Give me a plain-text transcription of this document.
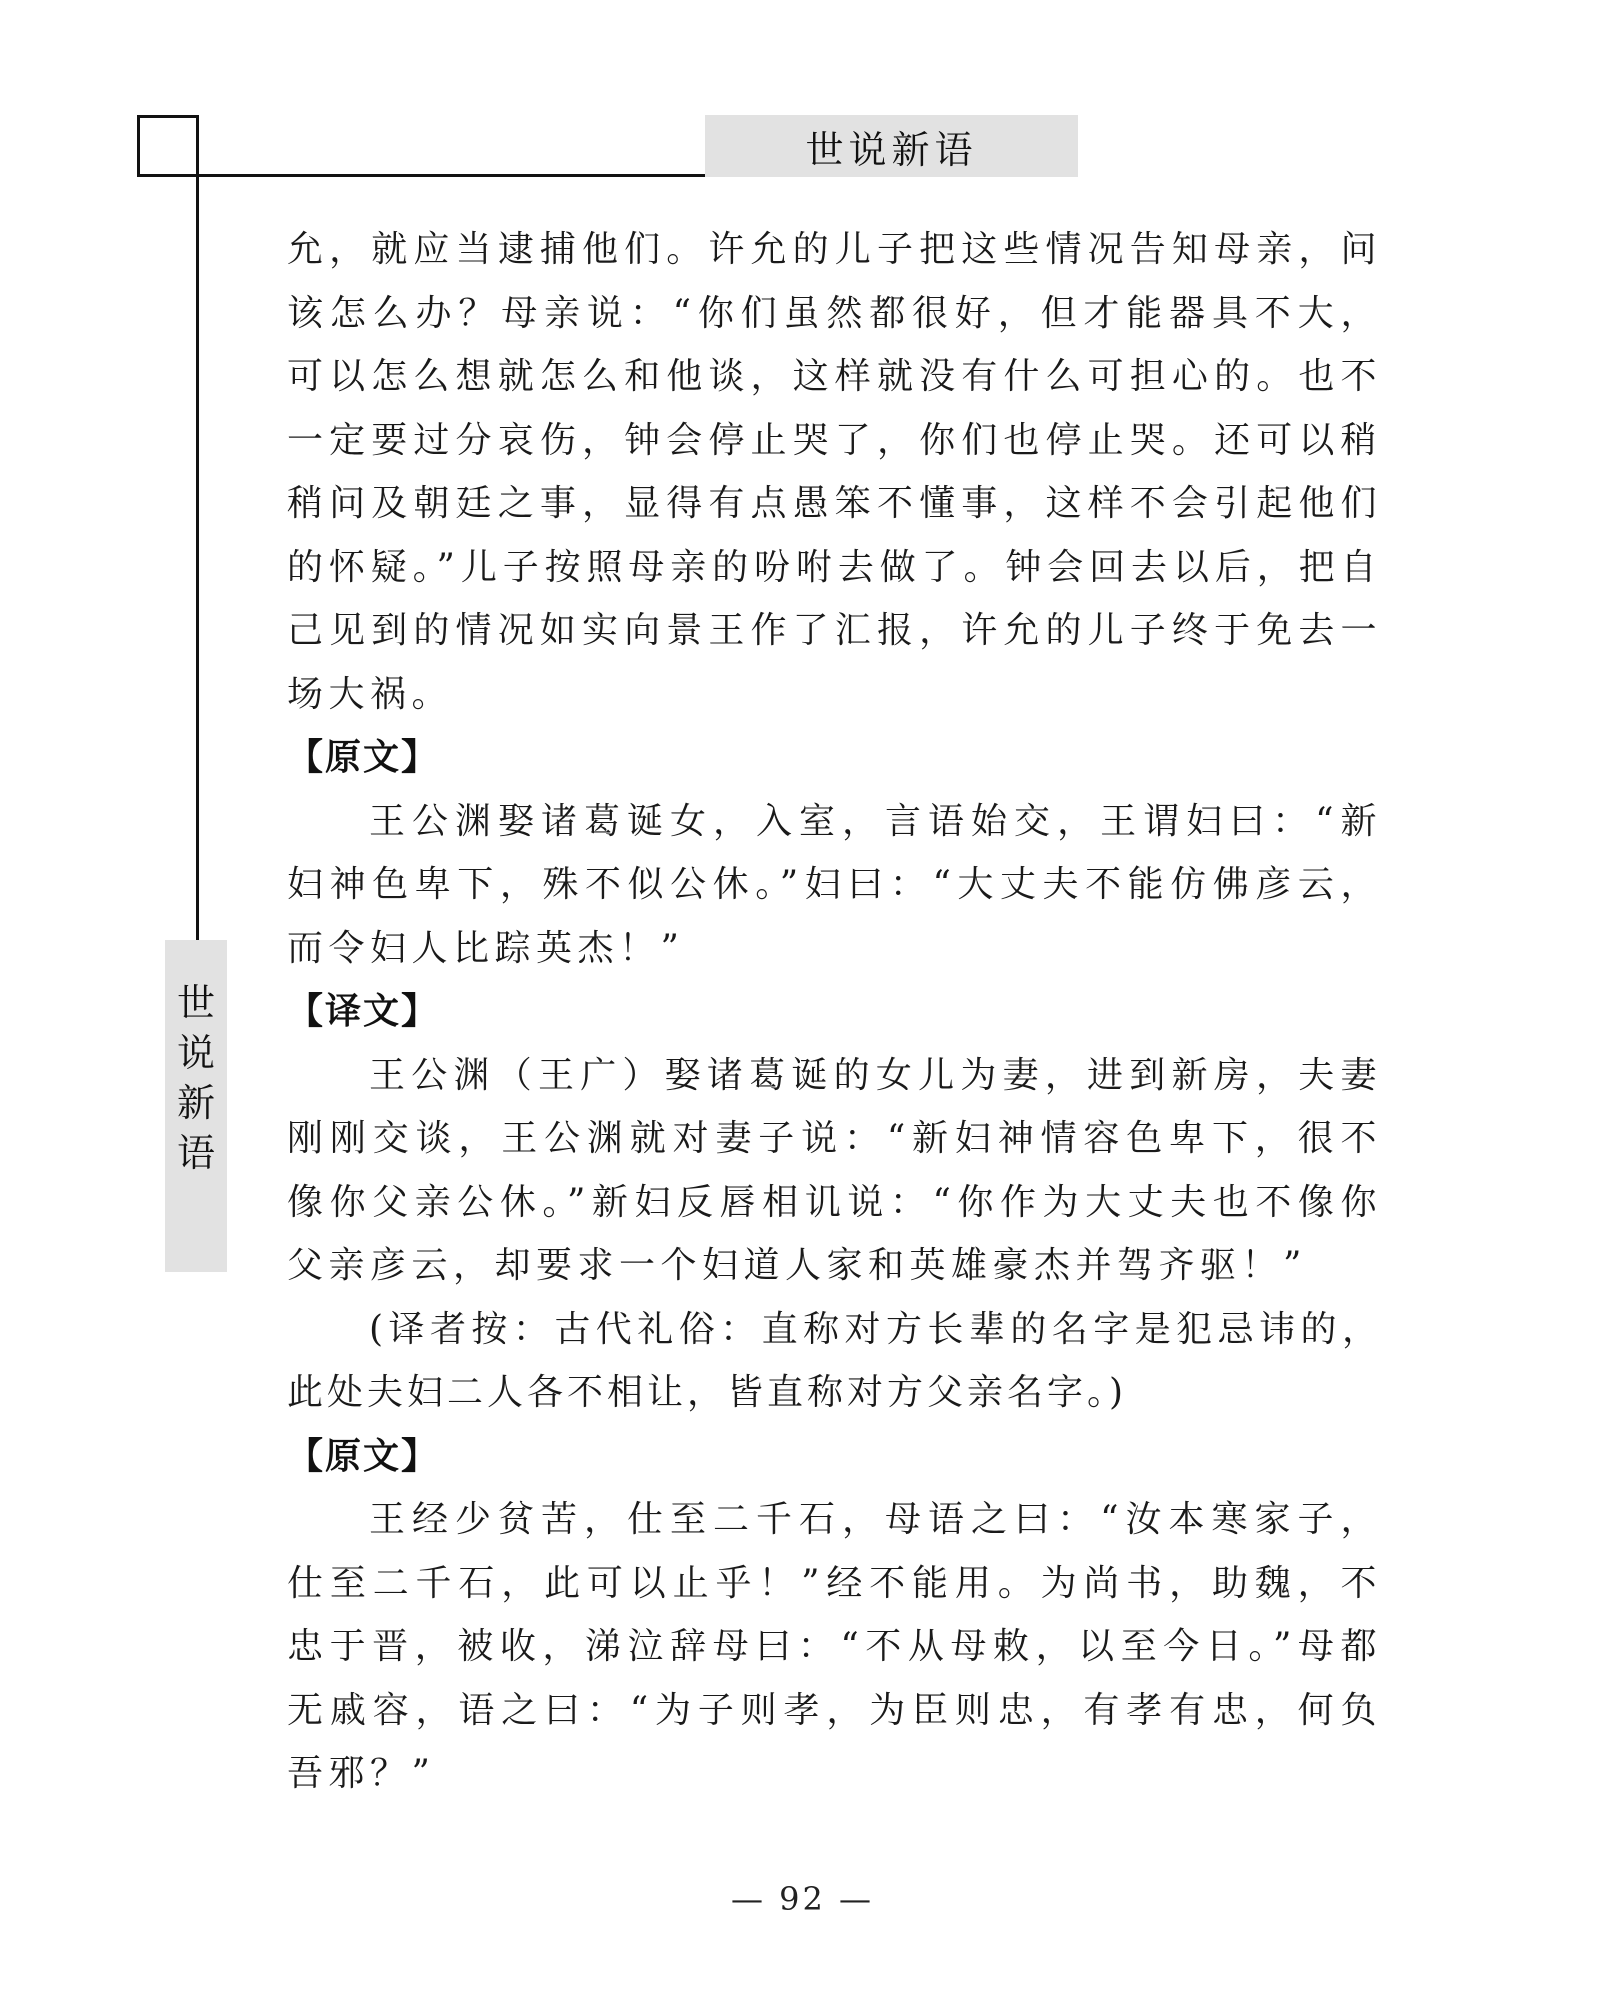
世说新语
世
说
新
语

允，就应当逮捕他们。许允的儿子把这些情况告知母亲，问该怎么办？母亲说：“你们虽然都很好，但才能器具不大，可以怎么想就怎么和他谈，这样就没有什么可担心的。也不一定要过分哀伤，钟会停止哭了，你们也停止哭。还可以稍稍问及朝廷之事，显得有点愚笨不懂事，这样不会引起他们的怀疑。”儿子按照母亲的吩咐去做了。钟会回去以后，把自己见到的情况如实向景王作了汇报，许允的儿子终于免去一场大祸。

【原文】

王公渊娶诸葛诞女，入室，言语始交，王谓妇曰：“新妇神色卑下，殊不似公休。”妇曰：“大丈夫不能仿佛彦云，而令妇人比踪英杰！”

【译文】

王公渊（王广）娶诸葛诞的女儿为妻，进到新房，夫妻刚刚交谈，王公渊就对妻子说：“新妇神情容色卑下，很不像你父亲公休。”新妇反唇相讥说：“你作为大丈夫也不像你父亲彦云，却要求一个妇道人家和英雄豪杰并驾齐驱！”

(译者按：古代礼俗：直称对方长辈的名字是犯忌讳的，此处夫妇二人各不相让，皆直称对方父亲名字。)

【原文】

王经少贫苦，仕至二千石，母语之曰：“汝本寒家子，仕至二千石，此可以止乎！”经不能用。为尚书，助魏，不忠于晋，被收，涕泣辞母曰：“不从母敕，以至今日。”母都无戚容，语之曰：“为子则孝，为臣则忠，有孝有忠，何负吾邪？”

— 92 —
